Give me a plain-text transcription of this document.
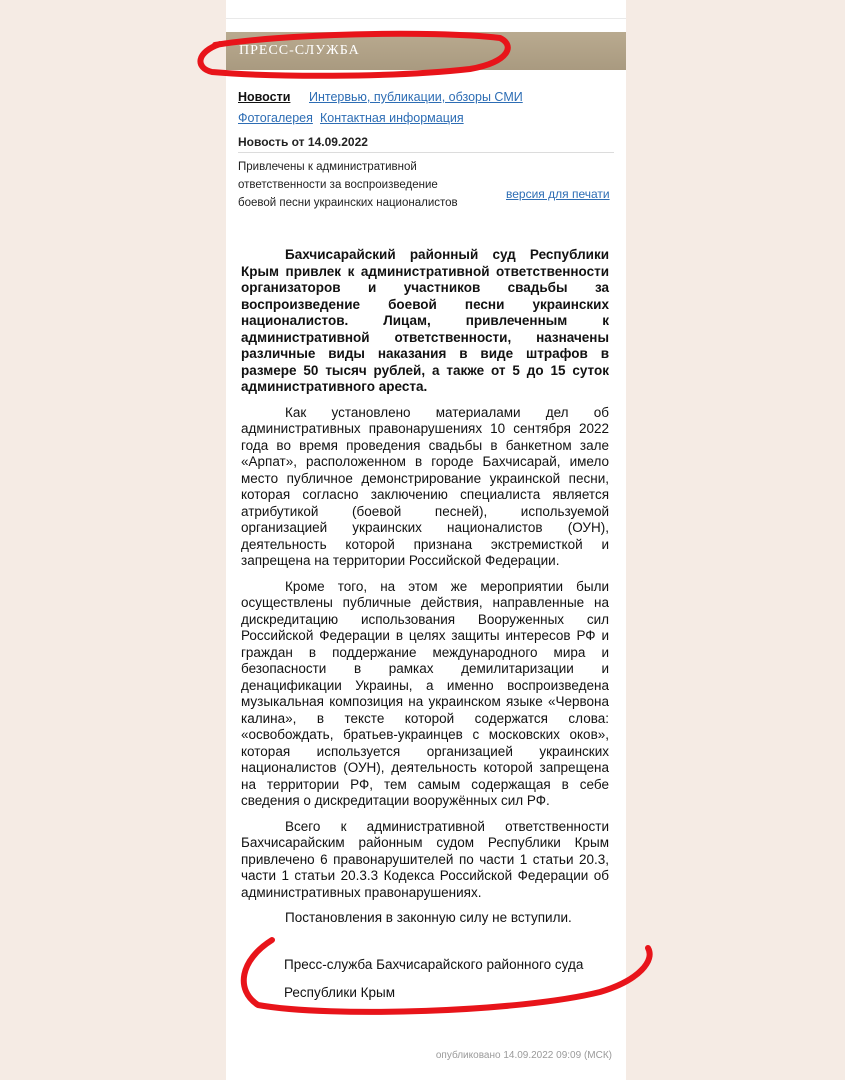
ПРЕСС-СЛУЖБА
Новости Интервью, публикации, обзоры СМИ
Фотогалерея Контактная информация
Новость от 14.09.2022
Привлечены к административной ответственности за воспроизведение боевой песни украинских националистов
версия для печати

Бахчисарайский районный суд Республики Крым привлек к административной ответственности организаторов и участников свадьбы за воспроизведение боевой песни украинских националистов. Лицам, привлеченным к административной ответственности, назначены различные виды наказания в виде штрафов в размере 50 тысяч рублей, а также от 5 до 15 суток административного ареста.

Как установлено материалами дел об административных правонарушениях 10 сентября 2022 года во время проведения свадьбы в банкетном зале «Арпат», расположенном в городе Бахчисарай, имело место публичное демонстрирование украинской песни, которая согласно заключению специалиста является атрибутикой (боевой песней), используемой организацией украинских националистов (ОУН), деятельность которой признана экстремисткой и запрещена на территории Российской Федерации.

Кроме того, на этом же мероприятии были осуществлены публичные действия, направленные на дискредитацию использования Вооруженных сил Российской Федерации в целях защиты интересов РФ и граждан в поддержание международного мира и безопасности в рамках демилитаризации и денацификации Украины, а именно воспроизведена музыкальная композиция на украинском языке «Червона калина», в тексте которой содержатся слова: «освобождать, братьев-украинцев с московских оков», которая используется организацией украинских националистов (ОУН), деятельность которой запрещена на территории РФ, тем самым содержащая в себе сведения о дискредитации вооружённых сил РФ.

Всего к административной ответственности Бахчисарайским районным судом Республики Крым привлечено 6 правонарушителей по части 1 статьи 20.3, части 1 статьи 20.3.3 Кодекса Российской Федерации об административных правонарушениях.

Постановления в законную силу не вступили.

Пресс-служба Бахчисарайского районного суда
Республики Крым
опубликовано 14.09.2022 09:09 (МСК)
